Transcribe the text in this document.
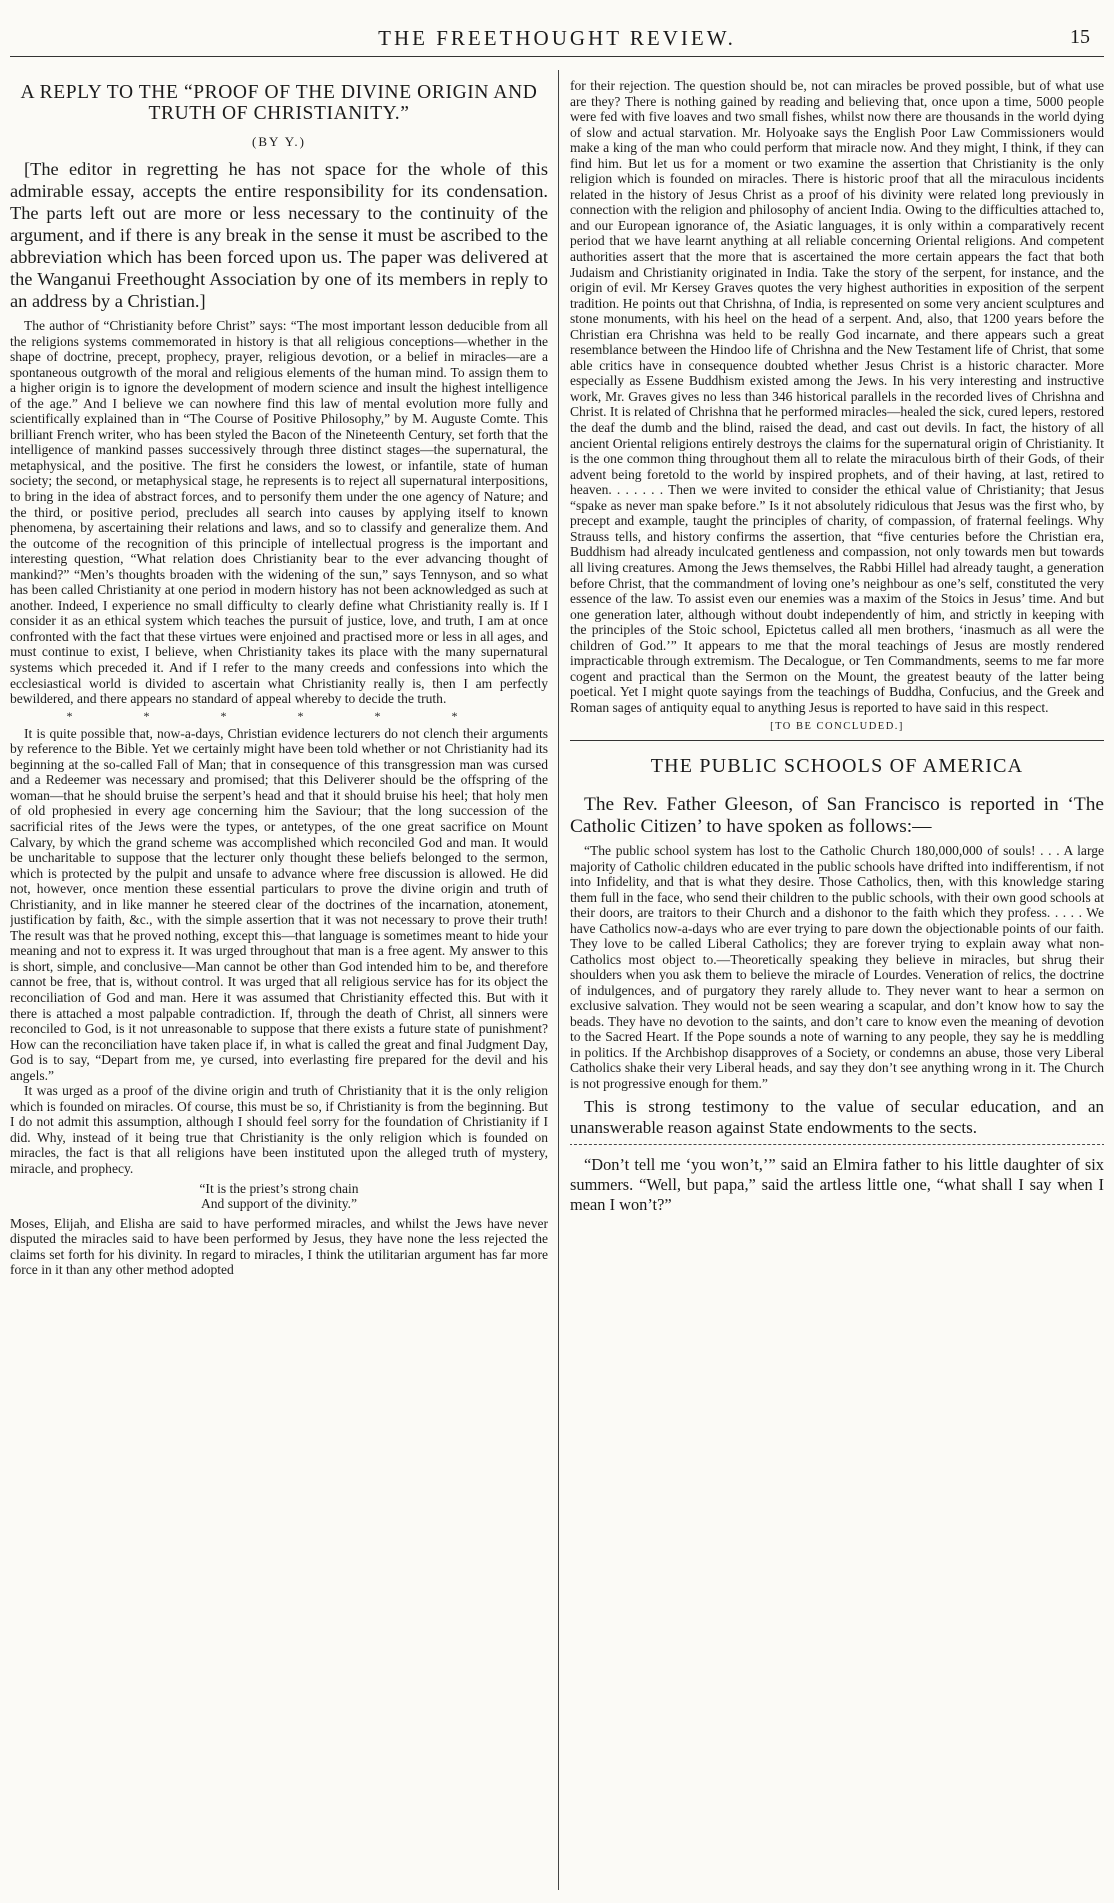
THE FREETHOUGHT REVIEW.	15
A REPLY TO THE “PROOF OF THE DIVINE ORIGIN AND TRUTH OF CHRISTIANITY.”
(BY Y.)

[The editor in regretting he has not space for the whole of this admirable essay, accepts the entire responsibility for its condensation. The parts left out are more or less necessary to the continuity of the argument, and if there is any break in the sense it must be ascribed to the abbreviation which has been forced upon us. The paper was delivered at the Wanganui Freethought Association by one of its members in reply to an address by a Christian.]

The author of “Christianity before Christ” says: “The most important lesson deducible from all the religions systems commemorated in history is that all religious conceptions—whether in the shape of doctrine, precept, prophecy, prayer, religious devotion, or a belief in miracles—are a spontaneous outgrowth of the moral and religious elements of the human mind. To assign them to a higher origin is to ignore the development of modern science and insult the highest intelligence of the age.” And I believe we can nowhere find this law of mental evolution more fully and scientifically explained than in “The Course of Positive Philosophy,” by M. Auguste Comte. This brilliant French writer, who has been styled the Bacon of the Nineteenth Century, set forth that the intelligence of mankind passes successively through three distinct stages—the supernatural, the metaphysical, and the positive. The first he considers the lowest, or infantile, state of human society; the second, or metaphysical stage, he represents is to reject all supernatural interpositions, to bring in the idea of abstract forces, and to personify them under the one agency of Nature; and the third, or positive period, precludes all search into causes by applying itself to known phenomena, by ascertaining their relations and laws, and so to classify and generalize them. And the outcome of the recognition of this principle of intellectual progress is the important and interesting question, “What relation does Christianity bear to the ever advancing thought of mankind?” “Men’s thoughts broaden with the widening of the sun,” says Tennyson, and so what has been called Christianity at one period in modern history has not been acknowledged as such at another. Indeed, I experience no small difficulty to clearly define what Christianity really is. If I consider it as an ethical system which teaches the pursuit of justice, love, and truth, I am at once confronted with the fact that these virtues were enjoined and practised more or less in all ages, and must continue to exist, I believe, when Christianity takes its place with the many supernatural systems which preceded it. And if I refer to the many creeds and confessions into which the ecclesiastical world is divided to ascertain what Christianity really is, then I am perfectly bewildered, and there appears no standard of appeal whereby to decide the truth.

* * * * * *

It is quite possible that, now-a-days, Christian evidence lecturers do not clench their arguments by reference to the Bible. Yet we certainly might have been told whether or not Christianity had its beginning at the so-called Fall of Man; that in consequence of this transgression man was cursed and a Redeemer was necessary and promised; that this Deliverer should be the offspring of the woman—that he should bruise the serpent’s head and that it should bruise his heel; that holy men of old prophesied in every age concerning him the Saviour; that the long succession of the sacrificial rites of the Jews were the types, or antetypes, of the one great sacrifice on Mount Calvary, by which the grand scheme was accomplished which reconciled God and man. It would be uncharitable to suppose that the lecturer only thought these beliefs belonged to the sermon, which is protected by the pulpit and unsafe to advance where free discussion is allowed. He did not, however, once mention these essential particulars to prove the divine origin and truth of Christianity, and in like manner he steered clear of the doctrines of the incarnation, atonement, justification by faith, &c., with the simple assertion that it was not necessary to prove their truth! The result was that he proved nothing, except this—that language is sometimes meant to hide your meaning and not to express it. It was urged throughout that man is a free agent. My answer to this is short, simple, and conclusive—Man cannot be other than God intended him to be, and therefore cannot be free, that is, without control. It was urged that all religious service has for its object the reconciliation of God and man. Here it was assumed that Christianity effected this. But with it there is attached a most palpable contradiction. If, through the death of Christ, all sinners were reconciled to God, is it not unreasonable to suppose that there exists a future state of punishment? How can the reconciliation have taken place if, in what is called the great and final Judgment Day, God is to say, “Depart from me, ye cursed, into everlasting fire prepared for the devil and his angels.”

It was urged as a proof of the divine origin and truth of Christianity that it is the only religion which is founded on miracles. Of course, this must be so, if Christianity is from the beginning. But I do not admit this assumption, although I should feel sorry for the foundation of Christianity if I did. Why, instead of it being true that Christianity is the only religion which is founded on miracles, the fact is that all religions have been instituted upon the alleged truth of mystery, miracle, and prophecy.

“It is the priest’s strong chain
And support of the divinity.”

Moses, Elijah, and Elisha are said to have performed miracles, and whilst the Jews have never disputed the miracles said to have been performed by Jesus, they have none the less rejected the claims set forth for his divinity. In regard to miracles, I think the utilitarian argument has far more force in it than any other method adopted

for their rejection. The question should be, not can miracles be proved possible, but of what use are they? There is nothing gained by reading and believing that, once upon a time, 5000 people were fed with five loaves and two small fishes, whilst now there are thousands in the world dying of slow and actual starvation. Mr. Holyoake says the English Poor Law Commissioners would make a king of the man who could perform that miracle now. And they might, I think, if they can find him. But let us for a moment or two examine the assertion that Christianity is the only religion which is founded on miracles. There is historic proof that all the miraculous incidents related in the history of Jesus Christ as a proof of his divinity were related long previously in connection with the religion and philosophy of ancient India. Owing to the difficulties attached to, and our European ignorance of, the Asiatic languages, it is only within a comparatively recent period that we have learnt anything at all reliable concerning Oriental religions. And competent authorities assert that the more that is ascertained the more certain appears the fact that both Judaism and Christianity originated in India. Take the story of the serpent, for instance, and the origin of evil. Mr Kersey Graves quotes the very highest authorities in exposition of the serpent tradition. He points out that Chrishna, of India, is represented on some very ancient sculptures and stone monuments, with his heel on the head of a serpent. And, also, that 1200 years before the Christian era Chrishna was held to be really God incarnate, and there appears such a great resemblance between the Hindoo life of Chrishna and the New Testament life of Christ, that some able critics have in consequence doubted whether Jesus Christ is a historic character. More especially as Essene Buddhism existed among the Jews. In his very interesting and instructive work, Mr. Graves gives no less than 346 historical parallels in the recorded lives of Chrishna and Christ. It is related of Chrishna that he performed miracles—healed the sick, cured lepers, restored the deaf the dumb and the blind, raised the dead, and cast out devils. In fact, the history of all ancient Oriental religions entirely destroys the claims for the supernatural origin of Christianity. It is the one common thing throughout them all to relate the miraculous birth of their Gods, of their advent being foretold to the world by inspired prophets, and of their having, at last, retired to heaven. . . . . . . Then we were invited to consider the ethical value of Christianity; that Jesus “spake as never man spake before.” Is it not absolutely ridiculous that Jesus was the first who, by precept and example, taught the principles of charity, of compassion, of fraternal feelings. Why Strauss tells, and history confirms the assertion, that “five centuries before the Christian era, Buddhism had already inculcated gentleness and compassion, not only towards men but towards all living creatures. Among the Jews themselves, the Rabbi Hillel had already taught, a generation before Christ, that the commandment of loving one’s neighbour as one’s self, constituted the very essence of the law. To assist even our enemies was a maxim of the Stoics in Jesus’ time. And but one generation later, although without doubt independently of him, and strictly in keeping with the principles of the Stoic school, Epictetus called all men brothers, ‘inasmuch as all were the children of God.’” It appears to me that the moral teachings of Jesus are mostly rendered impracticable through extremism. The Decalogue, or Ten Commandments, seems to me far more cogent and practical than the Sermon on the Mount, the greatest beauty of the latter being poetical. Yet I might quote sayings from the teachings of Buddha, Confucius, and the Greek and Roman sages of antiquity equal to anything Jesus is reported to have said in this respect.

[TO BE CONCLUDED.]
THE PUBLIC SCHOOLS OF AMERICA

The Rev. Father Gleeson, of San Francisco is reported in ‘The Catholic Citizen’ to have spoken as follows:—

“The public school system has lost to the Catholic Church 180,000,000 of souls! . . . A large majority of Catholic children educated in the public schools have drifted into indifferentism, if not into Infidelity, and that is what they desire. Those Catholics, then, with this knowledge staring them full in the face, who send their children to the public schools, with their own good schools at their doors, are traitors to their Church and a dishonor to the faith which they profess. . . . . We have Catholics now-a-days who are ever trying to pare down the objectionable points of our faith. They love to be called Liberal Catholics; they are forever trying to explain away what non-Catholics most object to.—Theoretically speaking they believe in miracles, but shrug their shoulders when you ask them to believe the miracle of Lourdes. Veneration of relics, the doctrine of indulgences, and of purgatory they rarely allude to. They never want to hear a sermon on exclusive salvation. They would not be seen wearing a scapular, and don’t know how to say the beads. They have no devotion to the saints, and don’t care to know even the meaning of devotion to the Sacred Heart. If the Pope sounds a note of warning to any people, they say he is meddling in politics. If the Archbishop disapproves of a Society, or condemns an abuse, those very Liberal Catholics shake their very Liberal heads, and say they don’t see anything wrong in it. The Church is not progressive enough for them.”

This is strong testimony to the value of secular education, and an unanswerable reason against State endowments to the sects.

“Don’t tell me ‘you won’t,’” said an Elmira father to his little daughter of six summers. “Well, but papa,” said the artless little one, “what shall I say when I mean I won’t?”
